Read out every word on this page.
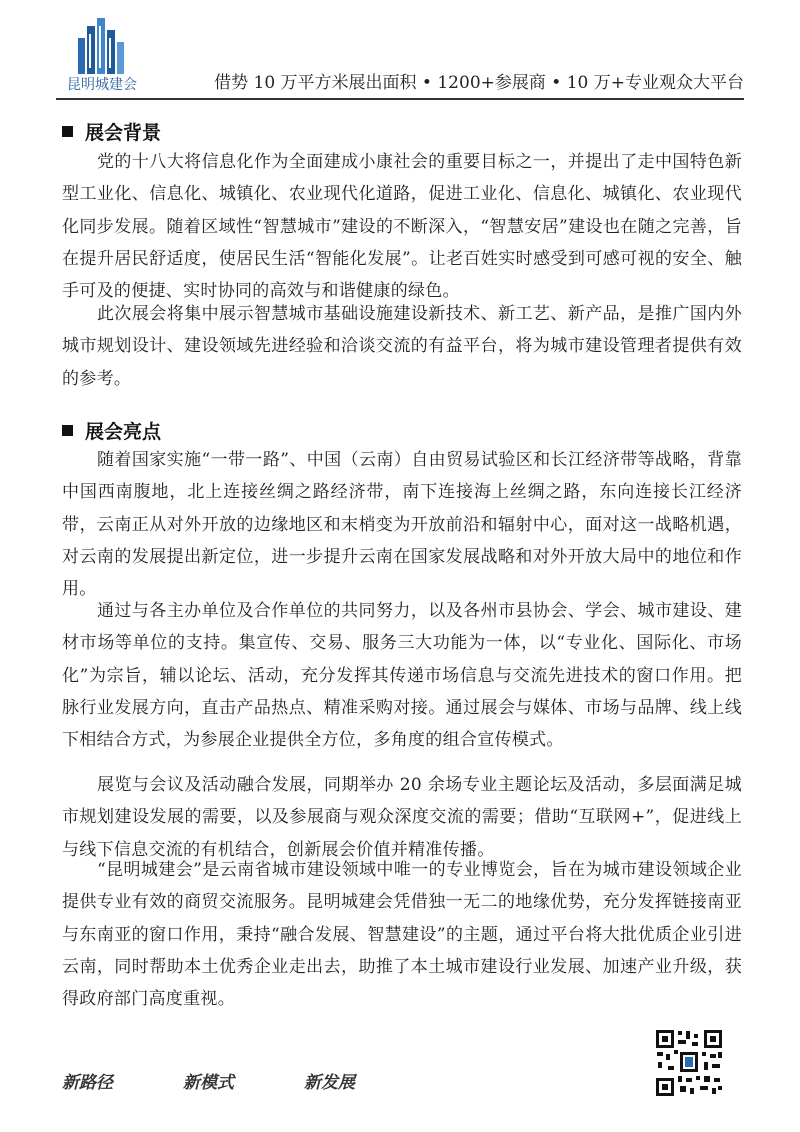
昆明城建会	借势 10 万平方米展出面积 • 1200+参展商 • 10 万+专业观众大平台
展会背景

党的十八大将信息化作为全面建成小康社会的重要目标之一，并提出了走中国特色新型工业化、信息化、城镇化、农业现代化道路，促进工业化、信息化、城镇化、农业现代化同步发展。随着区域性“智慧城市”建设的不断深入，“智慧安居”建设也在随之完善，旨在提升居民舒适度，使居民生活“智能化发展”。让老百姓实时感受到可感可视的安全、触手可及的便捷、实时协同的高效与和谐健康的绿色。

此次展会将集中展示智慧城市基础设施建设新技术、新工艺、新产品，是推广国内外城市规划设计、建设领域先进经验和洽谈交流的有益平台，将为城市建设管理者提供有效的参考。

展会亮点

随着国家实施“一带一路”、中国（云南）自由贸易试验区和长江经济带等战略，背靠中国西南腹地，北上连接丝绸之路经济带，南下连接海上丝绸之路，东向连接长江经济带，云南正从对外开放的边缘地区和末梢变为开放前沿和辐射中心，面对这一战略机遇，对云南的发展提出新定位，进一步提升云南在国家发展战略和对外开放大局中的地位和作用。

通过与各主办单位及合作单位的共同努力，以及各州市县协会、学会、城市建设、建材市场等单位的支持。集宣传、交易、服务三大功能为一体，以“专业化、国际化、市场化”为宗旨，辅以论坛、活动，充分发挥其传递市场信息与交流先进技术的窗口作用。把脉行业发展方向，直击产品热点、精准采购对接。通过展会与媒体、市场与品牌、线上线下相结合方式，为参展企业提供全方位，多角度的组合宣传模式。

展览与会议及活动融合发展，同期举办 20 余场专业主题论坛及活动，多层面满足城市规划建设发展的需要，以及参展商与观众深度交流的需要；借助“互联网+”，促进线上与线下信息交流的有机结合，创新展会价值并精准传播。

“昆明城建会”是云南省城市建设领域中唯一的专业博览会，旨在为城市建设领域企业提供专业有效的商贸交流服务。昆明城建会凭借独一无二的地缘优势，充分发挥链接南亚与东南亚的窗口作用，秉持“融合发展、智慧建设”的主题，通过平台将大批优质企业引进云南，同时帮助本土优秀企业走出去，助推了本土城市建设行业发展、加速产业升级，获得政府部门高度重视。

新路径	新模式	新发展
